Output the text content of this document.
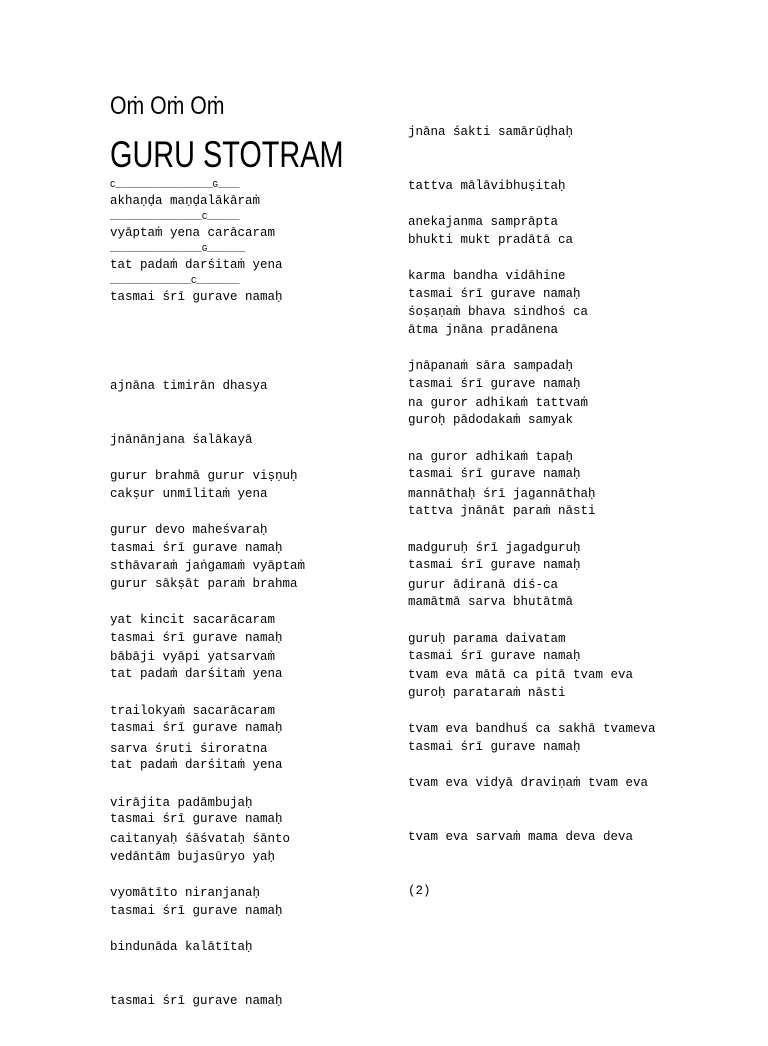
Oṁ Oṁ Oṁ
GURU STOTRAM
C__________________G____
akhaṇḍa maṇḍalākāraṁ
_________________C______
vyāptaṁ yena carācaram
_________________G_______
tat padaṁ darśitaṁ yena
_______________C________
tasmai śrī gurave namaḥ

ajnāna timirān dhasya

jnānānjana śalākayā

cakṣur unmīlitaṁ yena

tasmai śrī gurave namaḥ

gurur brahmā gurur viṣṇuḥ

gurur devo maheśvaraḥ

gurur sākṣāt paraṁ brahma

tasmai śrī gurave namaḥ

sthāvaraṁ jaṅgamaṁ vyāptaṁ

yat kincit sacarācaram

tat padaṁ darśitaṁ yena

tasmai śrī gurave namaḥ

bābāji vyāpi yatsarvaṁ

trailokyaṁ sacarācaram

tat padaṁ darśitaṁ yena

tasmai śrī gurave namaḥ

sarva śruti śiroratna

virājita padāmbujaḥ

vedāntām bujasūryo yaḥ

tasmai śrī gurave namaḥ

caitanyaḥ śāśvataḥ śānto

vyomātīto niranjanaḥ

bindunāda kalātītaḥ

tasmai śrī gurave namaḥ

jnāna śakti samārūḍhaḥ

tattva mālāvibhuṣitaḥ

bhukti mukt pradātā ca

tasmai śrī gurave namaḥ

anekajanma samprāpta

karma bandha vidāhine

ātma jnāna pradānena

tasmai śrī gurave namaḥ

śoṣaṇaṁ bhava sindhoś ca

jnāpanaṁ sāra sampadaḥ

guroḥ pādodakaṁ samyak

tasmai śrī gurave namaḥ

na guror adhikaṁ tattvaṁ

na guror adhikaṁ tapaḥ

tattva jnānāt paraṁ nāsti

tasmai śrī gurave namaḥ

mannāthaḥ śrī jagannāthaḥ

madguruḥ śrī jagadguruḥ

mamātmā sarva bhutātmā

tasmai śrī gurave namaḥ

gurur ādiranā diś-ca

guruḥ parama daivatam

guroḥ parataraṁ nāsti

tasmai śrī gurave namaḥ

tvam eva mātā ca pitā tvam eva

tvam eva bandhuś ca sakhā tvameva

tvam eva vidyā draviṇaṁ tvam eva

tvam eva sarvaṁ mama deva deva

(2)
